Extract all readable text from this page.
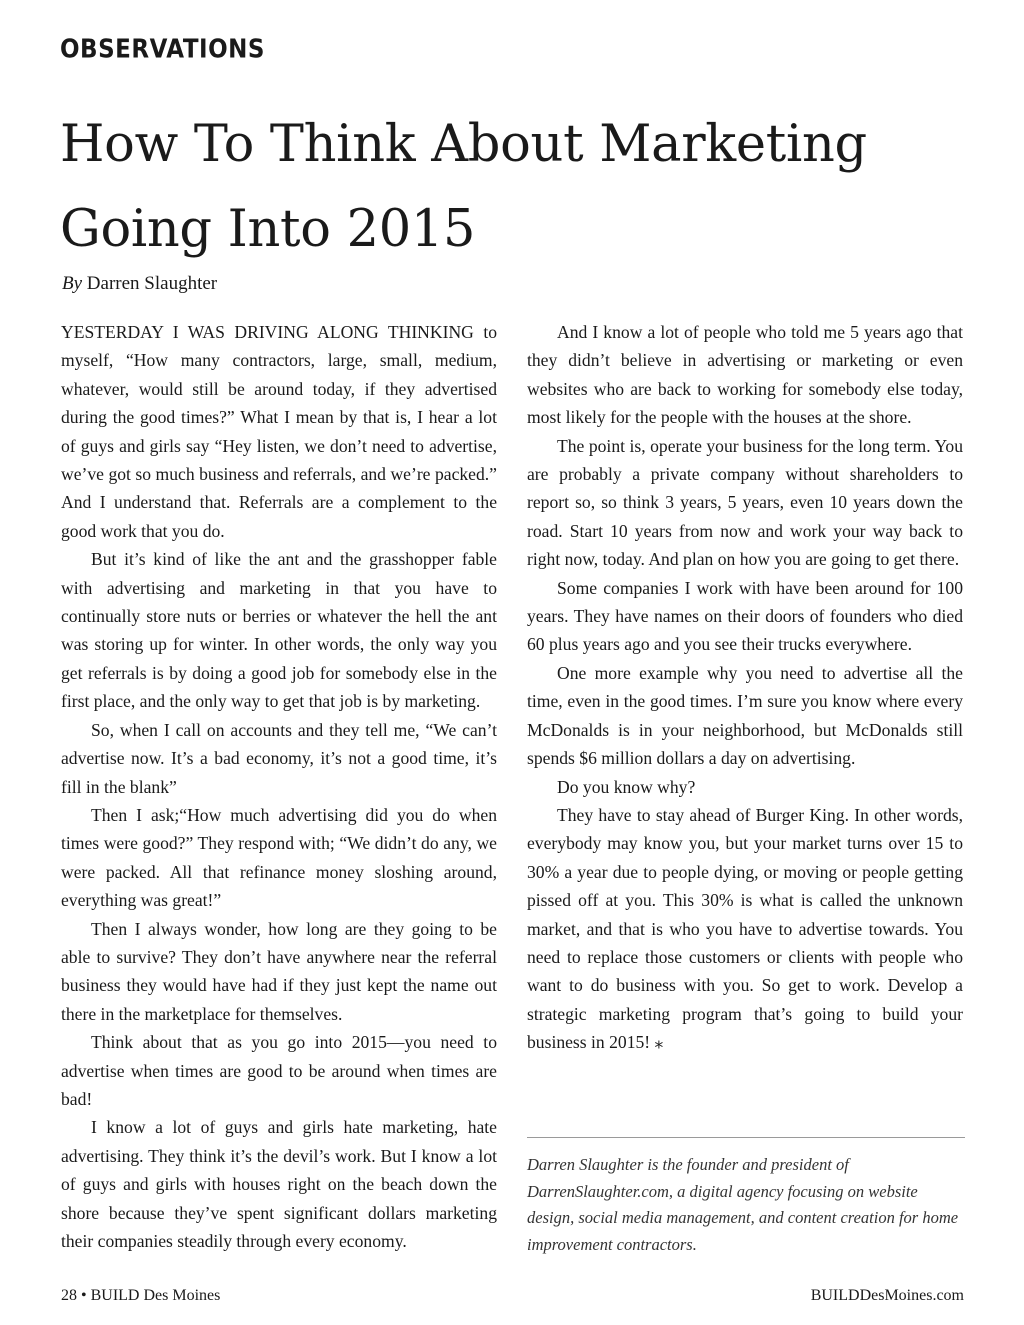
OBSERVATIONS
How To Think About Marketing
Going Into 2015
By Darren Slaughter

YESTERDAY I WAS DRIVING ALONG THINKING to myself, “How many contractors, large, small, medium, whatever, would still be around today, if they advertised during the good times?” What I mean by that is, I hear a lot of guys and girls say “Hey listen, we don’t need to advertise, we’ve got so much business and referrals, and we’re packed.” And I understand that. Referrals are a complement to the good work that you do.

But it’s kind of like the ant and the grasshopper fable with advertising and marketing in that you have to continually store nuts or berries or whatever the hell the ant was storing up for winter. In other words, the only way you get referrals is by doing a good job for somebody else in the first place, and the only way to get that job is by marketing.

So, when I call on accounts and they tell me, “We can’t advertise now. It’s a bad economy, it’s not a good time, it’s fill in the blank”

Then I ask;“How much advertising did you do when times were good?” They respond with; “We didn’t do any, we were packed. All that refinance money sloshing around, everything was great!”

Then I always wonder, how long are they going to be able to survive? They don’t have anywhere near the referral business they would have had if they just kept the name out there in the marketplace for themselves.

Think about that as you go into 2015—you need to advertise when times are good to be around when times are bad!

I know a lot of guys and girls hate marketing, hate advertising. They think it’s the devil’s work. But I know a lot of guys and girls with houses right on the beach down the shore because they’ve spent significant dollars marketing their companies steadily through every economy.

And I know a lot of people who told me 5 years ago that they didn’t believe in advertising or marketing or even websites who are back to working for somebody else today, most likely for the people with the houses at the shore.

The point is, operate your business for the long term. You are probably a private company without shareholders to report so, so think 3 years, 5 years, even 10 years down the road. Start 10 years from now and work your way back to right now, today. And plan on how you are going to get there.

Some companies I work with have been around for 100 years. They have names on their doors of founders who died 60 plus years ago and you see their trucks everywhere.

One more example why you need to advertise all the time, even in the good times. I’m sure you know where every McDonalds is in your neighborhood, but McDonalds still spends $6 million dollars a day on advertising.

Do you know why?

They have to stay ahead of Burger King. In other words, everybody may know you, but your market turns over 15 to 30% a year due to people dying, or moving or people getting pissed off at you. This 30% is what is called the unknown market, and that is who you have to advertise towards. You need to replace those customers or clients with people who want to do business with you. So get to work. Develop a strategic marketing program that’s going to build your business in 2015! ⁎

Darren Slaughter is the founder and president of DarrenSlaughter.com, a digital agency focusing on website design, social media management, and content creation for home improvement contractors.
28 • BUILD Des Moines	BUILDDesMoines.com
